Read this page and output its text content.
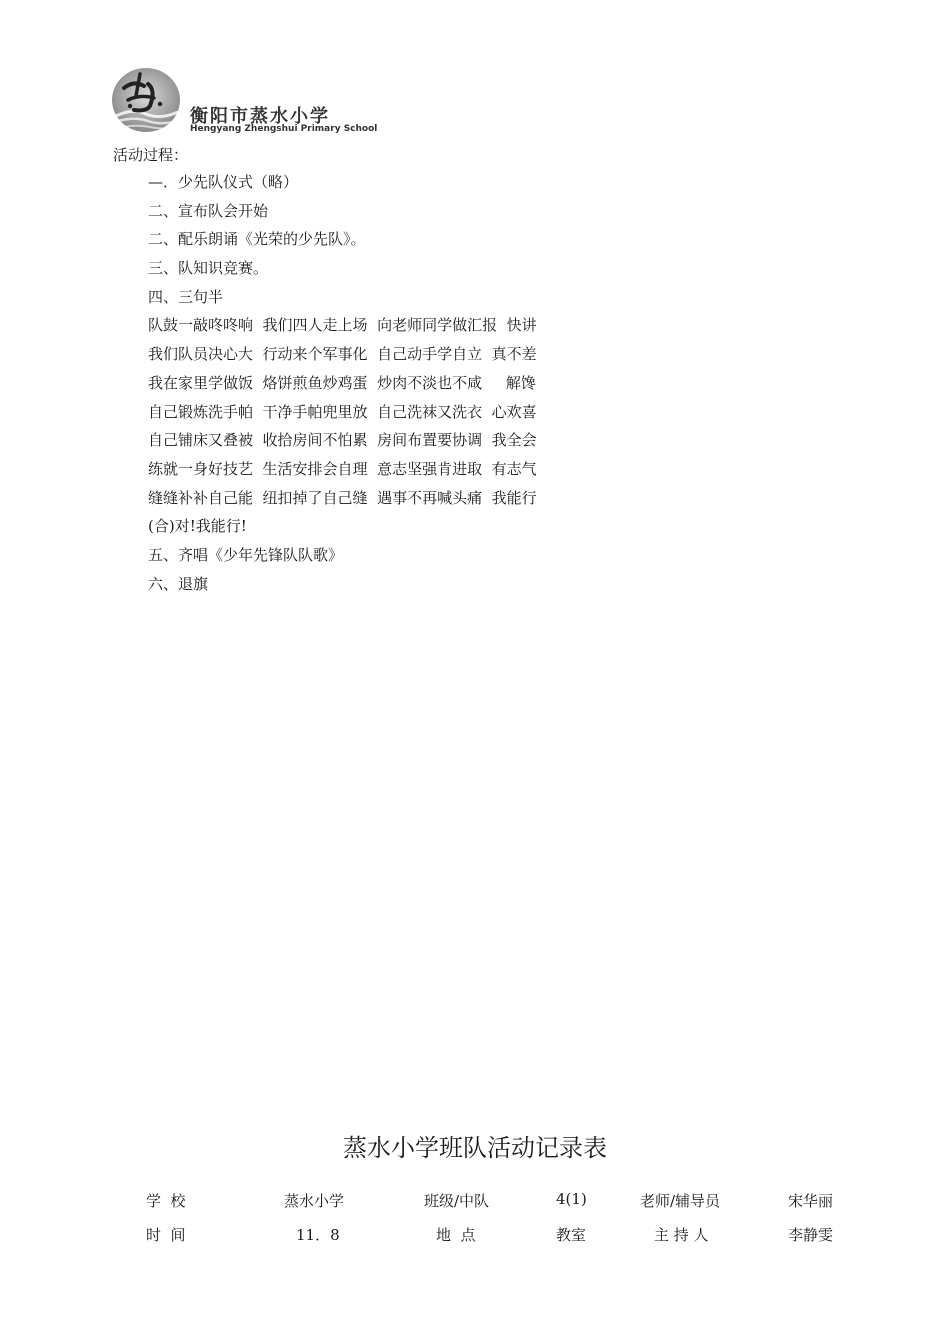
衡阳市蒸水小学
Hengyang Zhengshui Primary School
活动过程：
—．少先队仪式（略）
二、宣布队会开始
二、配乐朗诵《光荣的少先队》。
三、队知识竞赛。
四、三句半
队鼓一敲咚咚响  我们四人走上场  向老师同学做汇报  快讲
我们队员决心大  行动来个军事化  自己动手学自立  真不差
我在家里学做饭  烙饼煎鱼炒鸡蛋  炒肉不淡也不咸     解馋
自己锻炼洗手帕  干净手帕兜里放  自己洗袜又洗衣  心欢喜
自己铺床又叠被  收拾房间不怕累  房间布置要协调  我全会
练就一身好技艺  生活安排会自理  意志坚强肯进取  有志气
缝缝补补自己能  纽扣掉了自己缝  遇事不再喊头痛  我能行
(合)对!我能行!
五、齐唱《少年先锋队队歌》
六、退旗
蒸水小学班队活动记录表
学  校	蒸水小学	班级/中队	4(1)	老师/辅导员	宋华丽
时  间	11．8	地  点	教室	主 持 人	李静雯
